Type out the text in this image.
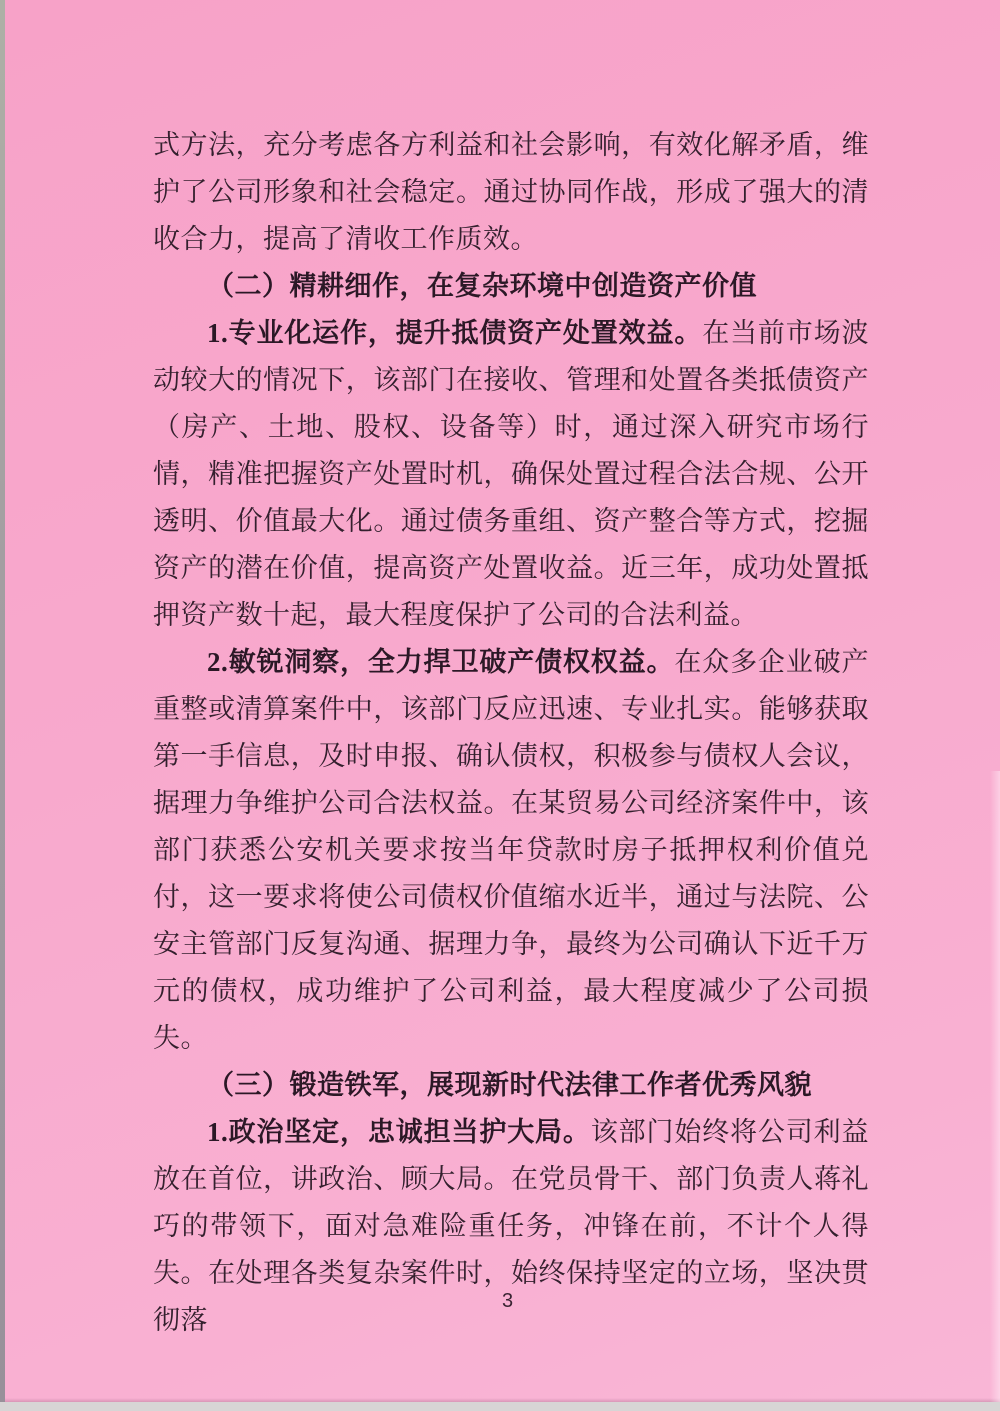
式方法，充分考虑各方利益和社会影响，有效化解矛盾，维护了公司形象和社会稳定。通过协同作战，形成了强大的清收合力，提高了清收工作质效。

（二）精耕细作，在复杂环境中创造资产价值

1.专业化运作，提升抵债资产处置效益。在当前市场波动较大的情况下，该部门在接收、管理和处置各类抵债资产（房产、土地、股权、设备等）时，通过深入研究市场行情，精准把握资产处置时机，确保处置过程合法合规、公开透明、价值最大化。通过债务重组、资产整合等方式，挖掘资产的潜在价值，提高资产处置收益。近三年，成功处置抵押资产数十起，最大程度保护了公司的合法利益。

2.敏锐洞察，全力捍卫破产债权权益。在众多企业破产重整或清算案件中，该部门反应迅速、专业扎实。能够获取第一手信息，及时申报、确认债权，积极参与债权人会议，据理力争维护公司合法权益。在某贸易公司经济案件中，该部门获悉公安机关要求按当年贷款时房子抵押权利价值兑付，这一要求将使公司债权价值缩水近半，通过与法院、公安主管部门反复沟通、据理力争，最终为公司确认下近千万元的债权，成功维护了公司利益，最大程度减少了公司损失。

（三）锻造铁军，展现新时代法律工作者优秀风貌

1.政治坚定，忠诚担当护大局。该部门始终将公司利益放在首位，讲政治、顾大局。在党员骨干、部门负责人蒋礼巧的带领下，面对急难险重任务，冲锋在前，不计个人得失。在处理各类复杂案件时，始终保持坚定的立场，坚决贯彻落

3
